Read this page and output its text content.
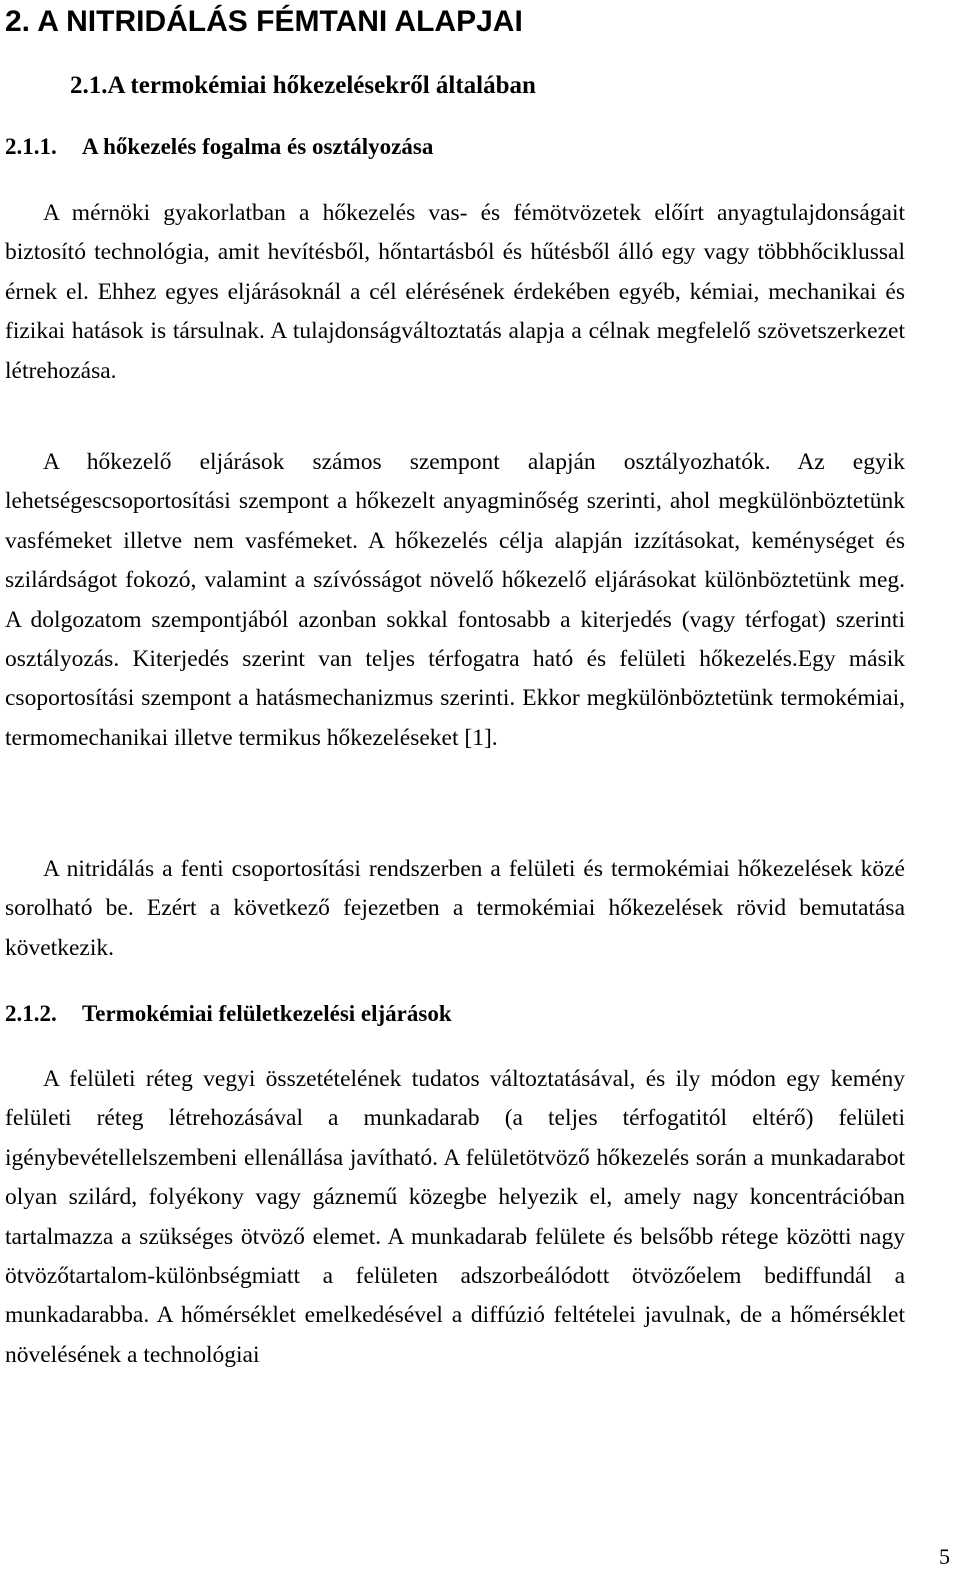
2. A NITRIDÁLÁS FÉMTANI ALAPJAI
2.1.A termokémiai hőkezelésekről általában
2.1.1. A hőkezelés fogalma és osztályozása

A mérnöki gyakorlatban a hőkezelés vas- és fémötvözetek előírt anyagtulajdonságait biztosító technológia, amit hevítésből, hőntartásból és hűtésből álló egy vagy többhőciklussal érnek el. Ehhez egyes eljárásoknál a cél elérésének érdekében egyéb, kémiai, mechanikai és fizikai hatások is társulnak. A tulajdonságváltoztatás alapja a célnak megfelelő szövetszerkezet létrehozása.

A hőkezelő eljárások számos szempont alapján osztályozhatók. Az egyik lehetségescsoportosítási szempont a hőkezelt anyagminőség szerinti, ahol megkülönböztetünk vasfémeket illetve nem vasfémeket. A hőkezelés célja alapján izzításokat, keménységet és szilárdságot fokozó, valamint a szívósságot növelő hőkezelő eljárásokat különböztetünk meg. A dolgozatom szempontjából azonban sokkal fontosabb a kiterjedés (vagy térfogat) szerinti osztályozás. Kiterjedés szerint van teljes térfogatra ható és felületi hőkezelés.Egy másik csoportosítási szempont a hatásmechanizmus szerinti. Ekkor megkülönböztetünk termokémiai, termomechanikai illetve termikus hőkezeléseket [1].

A nitridálás a fenti csoportosítási rendszerben a felületi és termokémiai hőkezelések közé sorolható be. Ezért a következő fejezetben a termokémiai hőkezelések rövid bemutatása következik.

2.1.2. Termokémiai felületkezelési eljárások

A felületi réteg vegyi összetételének tudatos változtatásával, és ily módon egy kemény felületi réteg létrehozásával a munkadarab (a teljes térfogatitól eltérő) felületi igénybevétellelszembeni ellenállása javítható. A felületötvöző hőkezelés során a munkadarabot olyan szilárd, folyékony vagy gáznemű közegbe helyezik el, amely nagy koncentrációban tartalmazza a szükséges ötvöző elemet. A munkadarab felülete és belsőbb rétege közötti nagy ötvözőtartalom-különbségmiatt a felületen adszorbeálódott ötvözőelem bediffundál a munkadarabba. A hőmérséklet emelkedésével a diffúzió feltételei javulnak, de a hőmérséklet növelésének a technológiai

5
